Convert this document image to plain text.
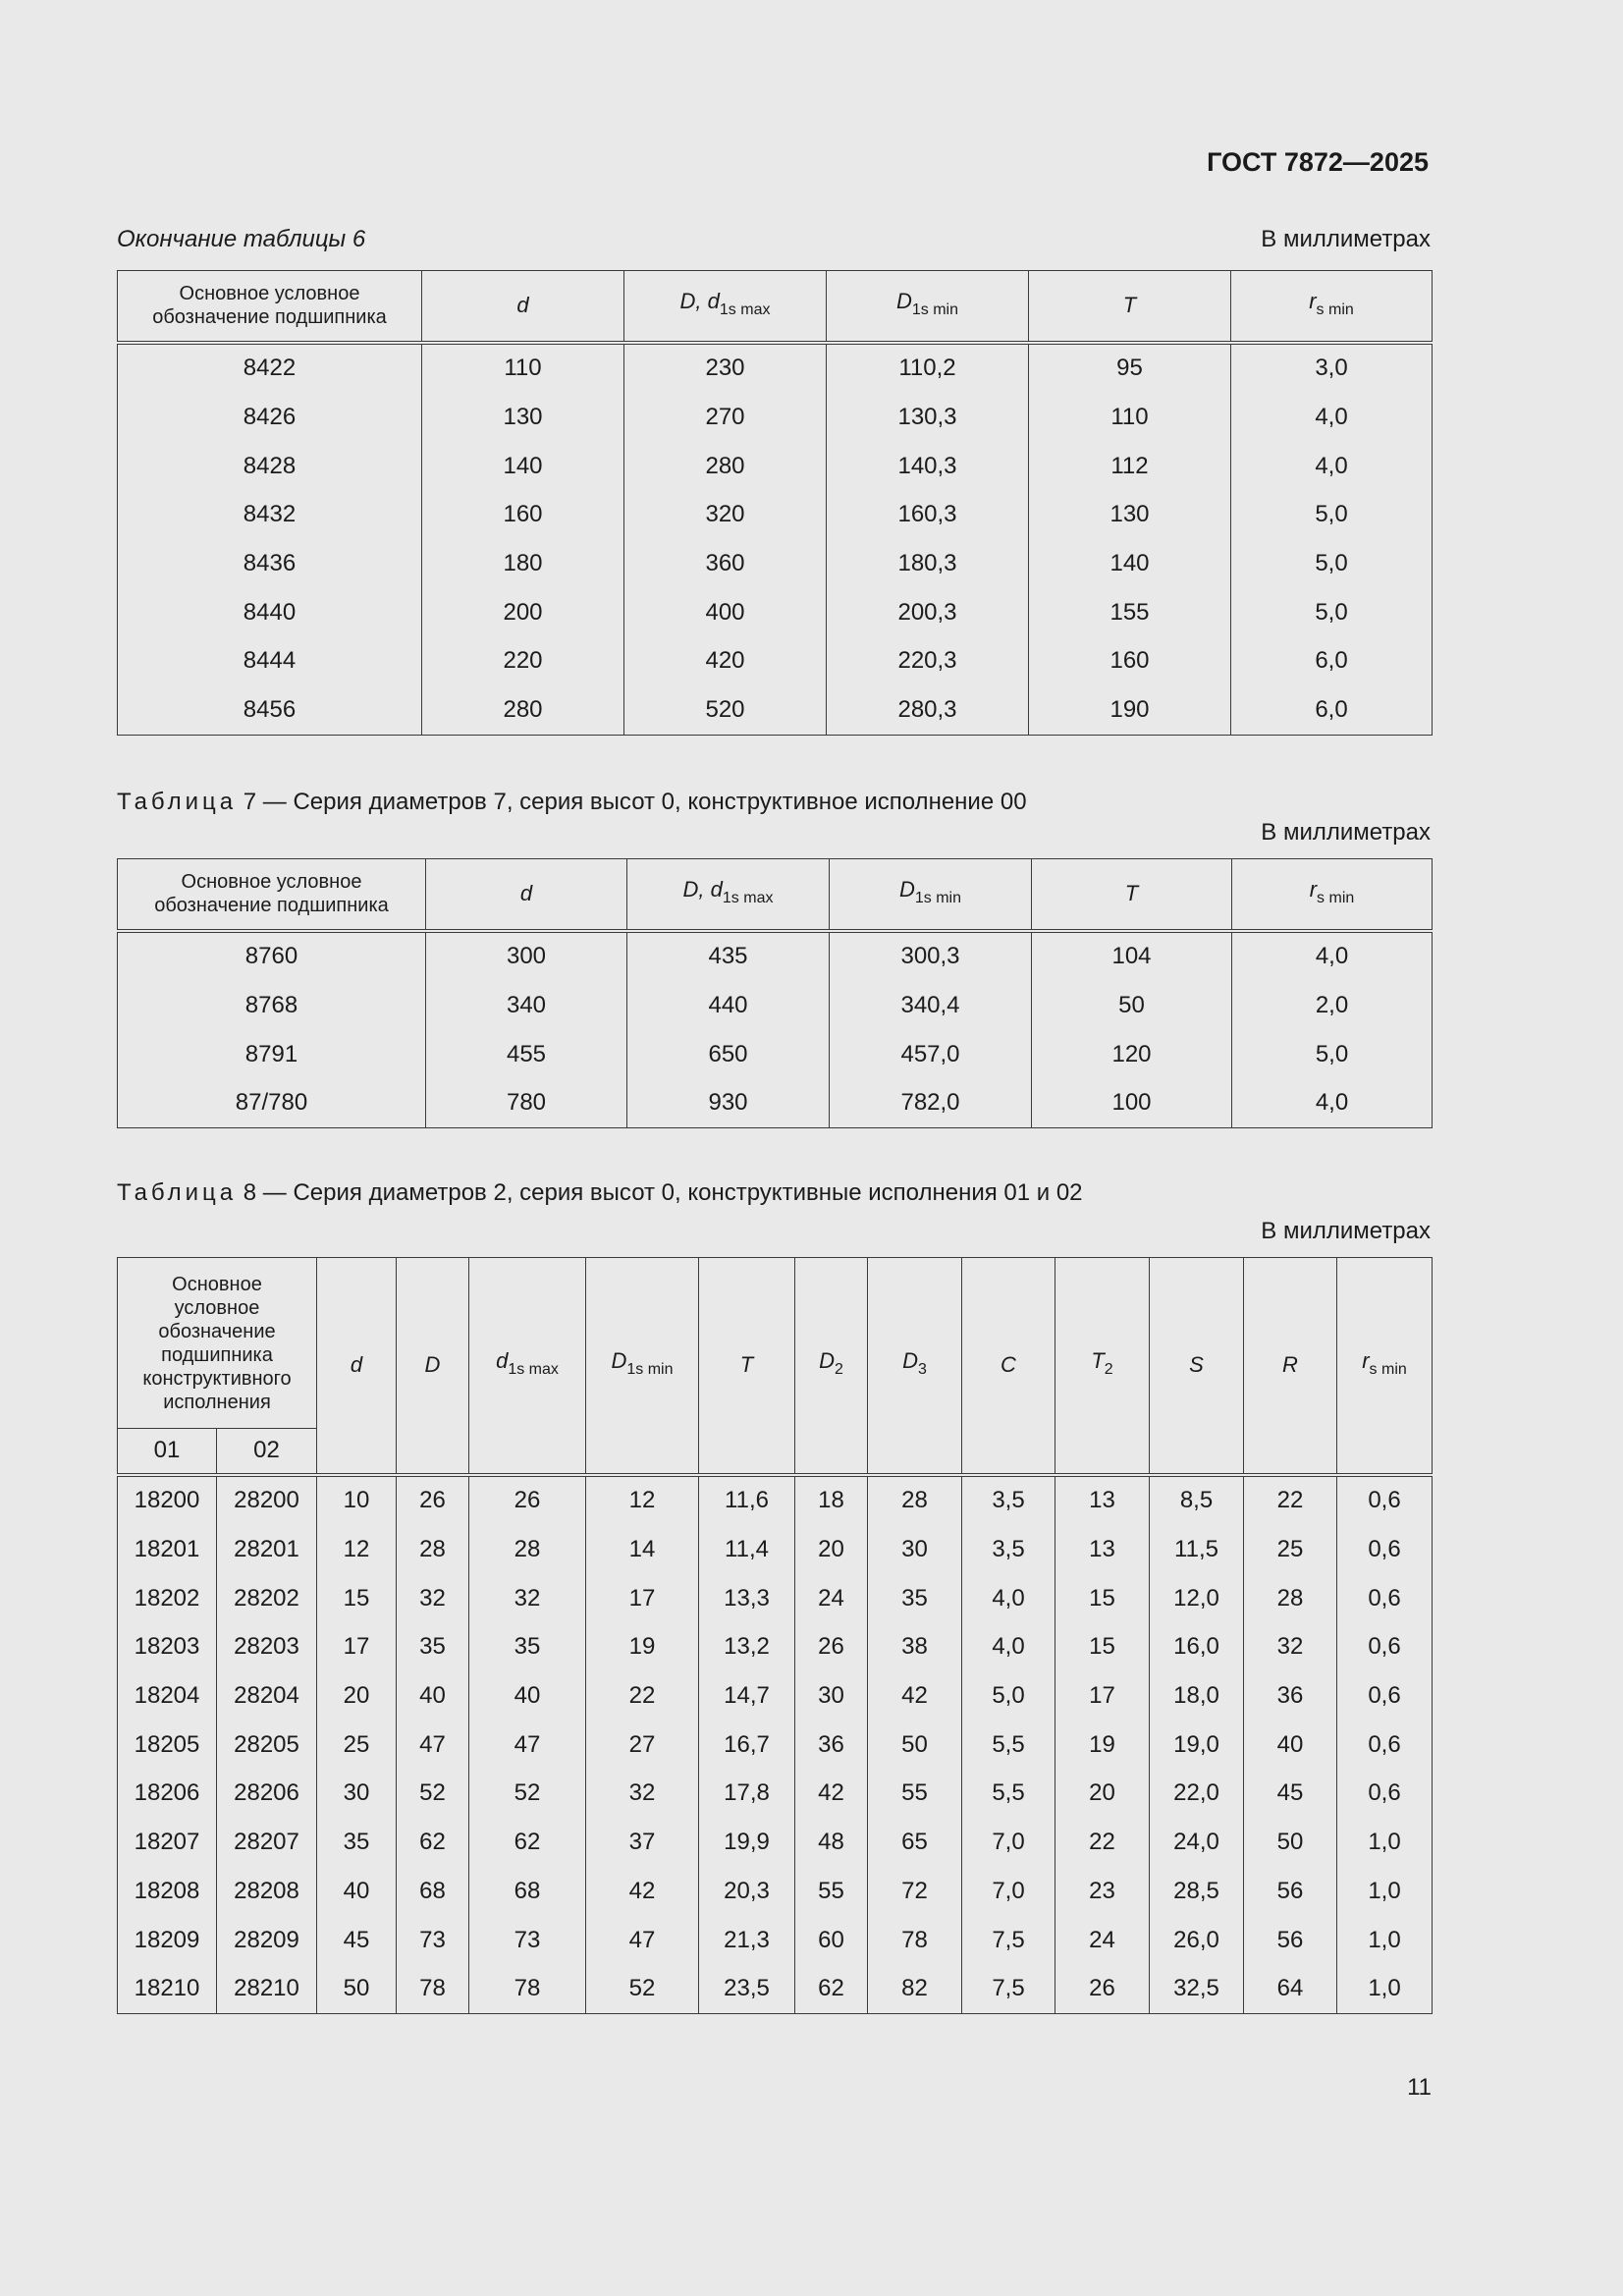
ГОСТ 7872—2025
Окончание таблицы 6	В миллиметрах
Основное условное обозначение подшипника	d	D, $d_{1s max}$	$D_{1s min}$	T	$r_{s min}$
8422	110	230	110,2	95	3,0
8426	130	270	130,3	110	4,0
8428	140	280	140,3	112	4,0
8432	160	320	160,3	130	5,0
8436	180	360	180,3	140	5,0
8440	200	400	200,3	155	5,0
8444	220	420	220,3	160	6,0
8456	280	520	280,3	190	6,0
Таблица 7 — Серия диаметров 7, серия высот 0, конструктивное исполнение 00
В миллиметрах
Основное условное обозначение подшипника	d	D, $d_{1s max}$	$D_{1s min}$	T	$r_{s min}$
8760	300	435	300,3	104	4,0
8768	340	440	340,4	50	2,0
8791	455	650	457,0	120	5,0
87/780	780	930	782,0	100	4,0
Таблица 8 — Серия диаметров 2, серия высот 0, конструктивные исполнения 01 и 02
В миллиметрах
Основное условное обозначение подшипника конструктивного исполнения		d	D	$d_{1s max}$	$D_{1s min}$	T	$D_2$	$D_3$	C	$T_2$	S	R	$r_{s min}$
01	02												
18200	28200	10	26	26	12	11,6	18	28	3,5	13	8,5	22	0,6
18201	28201	12	28	28	14	11,4	20	30	3,5	13	11,5	25	0,6
18202	28202	15	32	32	17	13,3	24	35	4,0	15	12,0	28	0,6
18203	28203	17	35	35	19	13,2	26	38	4,0	15	16,0	32	0,6
18204	28204	20	40	40	22	14,7	30	42	5,0	17	18,0	36	0,6
18205	28205	25	47	47	27	16,7	36	50	5,5	19	19,0	40	0,6
18206	28206	30	52	52	32	17,8	42	55	5,5	20	22,0	45	0,6
18207	28207	35	62	62	37	19,9	48	65	7,0	22	24,0	50	1,0
18208	28208	40	68	68	42	20,3	55	72	7,0	23	28,5	56	1,0
18209	28209	45	73	73	47	21,3	60	78	7,5	24	26,0	56	1,0
18210	28210	50	78	78	52	23,5	62	82	7,5	26	32,5	64	1,0
11
